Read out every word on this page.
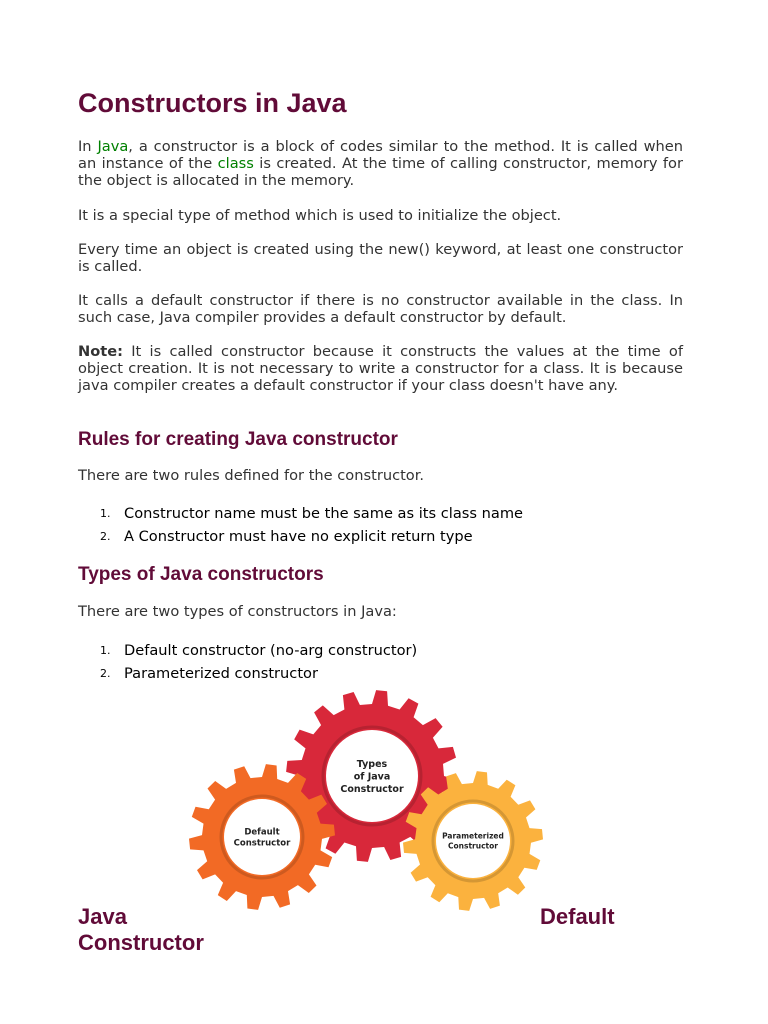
Constructors in Java

In Java, a constructor is a block of codes similar to the method. It is called when an instance of the class is created. At the time of calling constructor, memory for the object is allocated in the memory.

It is a special type of method which is used to initialize the object.

Every time an object is created using the new() keyword, at least one constructor is called.

It calls a default constructor if there is no constructor available in the class. In such case, Java compiler provides a default constructor by default.

Note: It is called constructor because it constructs the values at the time of object creation. It is not necessary to write a constructor for a class. It is because java compiler creates a default constructor if your class doesn't have any.

Rules for creating Java constructor

There are two rules defined for the constructor.

1. Constructor name must be the same as its class name
2. A Constructor must have no explicit return type
Types of Java constructors

There are two types of constructors in Java:

1. Default constructor (no-arg constructor)
2. Parameterized constructor
Types
of Java
Constructor
Default
Constructor
Parameterized
Constructor
Java	Default
Constructor
